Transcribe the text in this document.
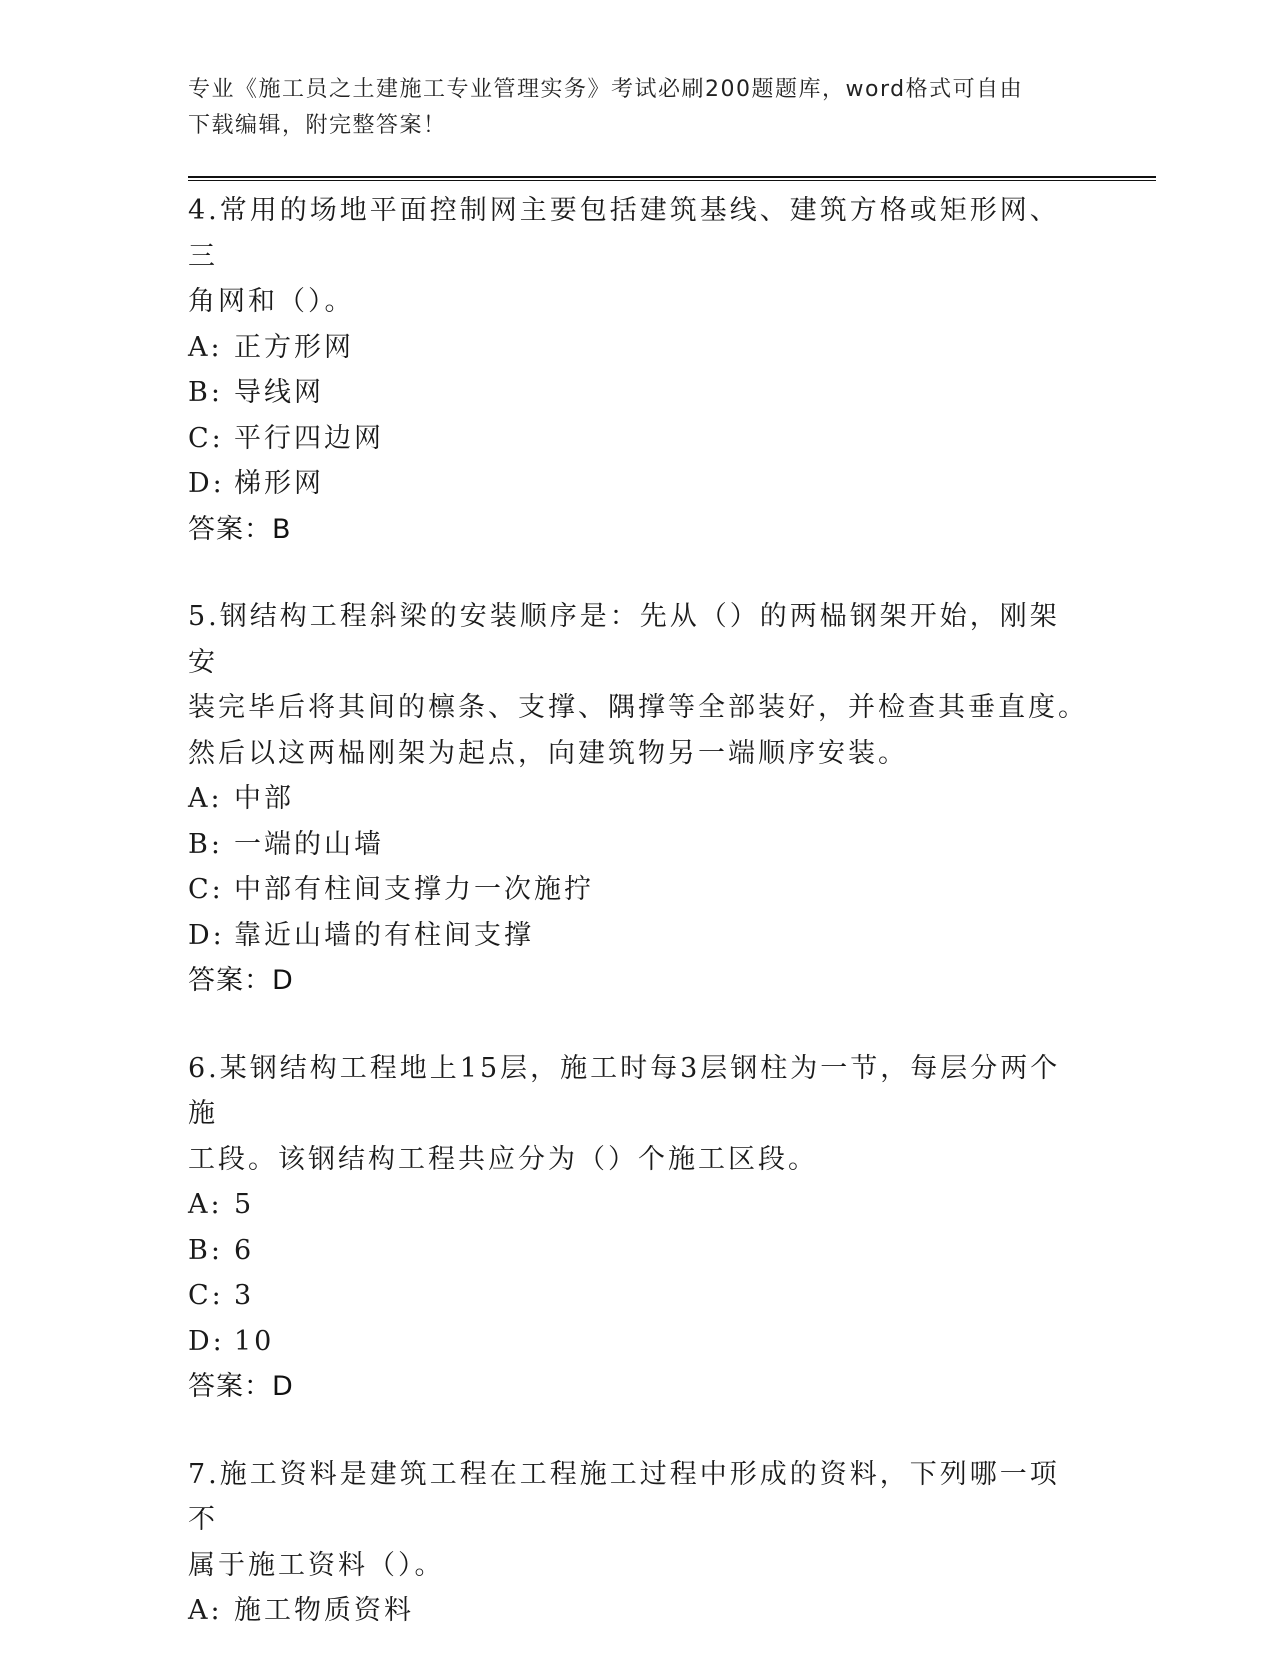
专业《施工员之土建施工专业管理实务》考试必刷200题题库，word格式可自由
下载编辑，附完整答案！
4.常用的场地平面控制网主要包括建筑基线、建筑方格或矩形网、三
角网和（）。
A: 正方形网
B: 导线网
C: 平行四边网
D: 梯形网
答案：B
5.钢结构工程斜梁的安装顺序是：先从（）的两榀钢架开始，刚架安
装完毕后将其间的檩条、支撑、隅撑等全部装好，并检查其垂直度。
然后以这两榀刚架为起点，向建筑物另一端顺序安装。
A: 中部
B: 一端的山墙
C: 中部有柱间支撑力一次施拧
D: 靠近山墙的有柱间支撑
答案：D
6.某钢结构工程地上15层，施工时每3层钢柱为一节，每层分两个施
工段。该钢结构工程共应分为（）个施工区段。
A: 5
B: 6
C: 3
D: 10
答案：D
7.施工资料是建筑工程在工程施工过程中形成的资料，下列哪一项不
属于施工资料（）。
A: 施工物质资料
